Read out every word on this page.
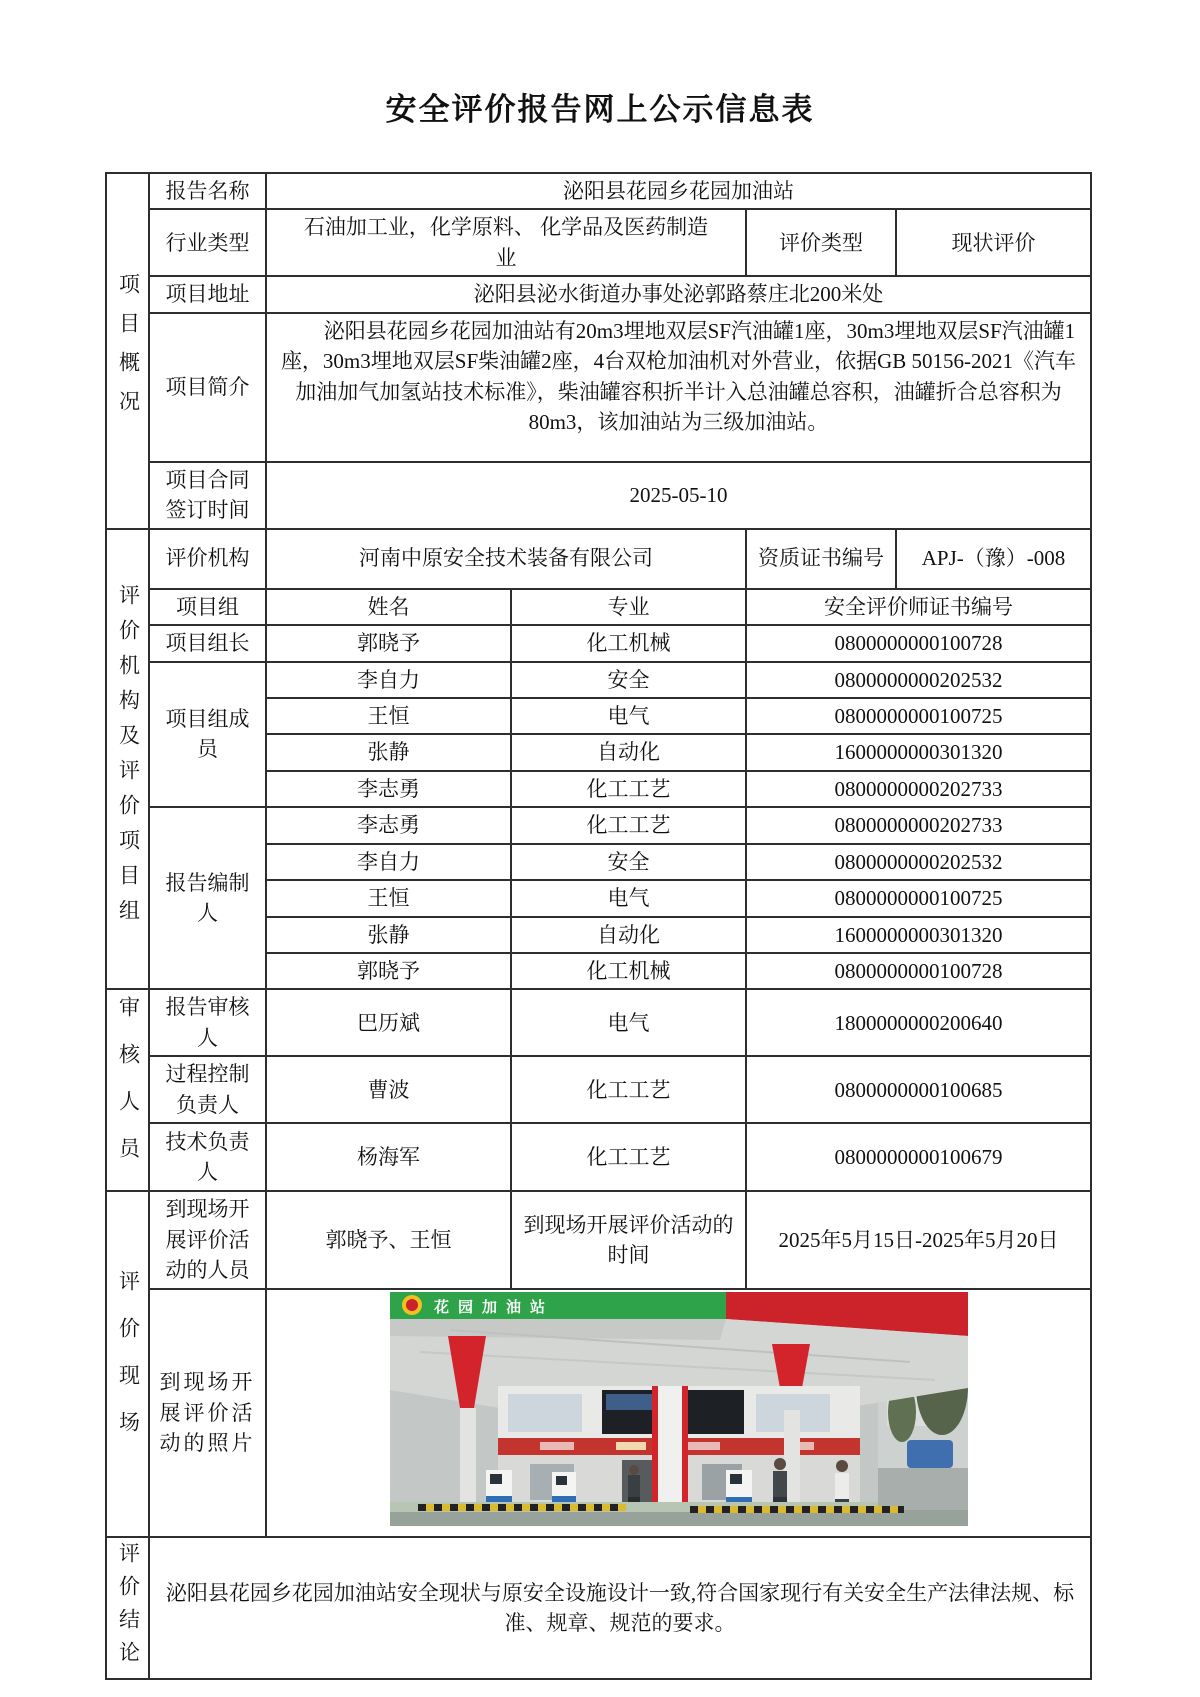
安全评价报告网上公示信息表
项目概况	报告名称	泌阳县花园乡花园加油站			
	行业类型	石油加工业，化学原料、 化学品及医药制造业		评价类型	现状评价
	项目地址	泌阳县泌水街道办事处泌郭路蔡庄北200米处			
	项目简介	泌阳县花园乡花园加油站有20m3埋地双层SF汽油罐1座，30m3埋地双层SF汽油罐1座，30m3埋地双层SF柴油罐2座，4台双枪加油机对外营业，依据GB 50156-2021《汽车加油加气加氢站技术标准》，柴油罐容积折半计入总油罐总容积，油罐折合总容积为80m3，该加油站为三级加油站。			

	项目合同签订时间	2025-05-10			

评价机构及评价项目组	评价机构	河南中原安全技术装备有限公司		资质证书编号	APJ-（豫）-008
	项目组	姓名	专业	安全评价师证书编号	
	项目组长	郭晓予	化工机械	0800000000100728	
	项目组成员	李自力	安全	0800000000202532	
		王恒	电气	0800000000100725	
		张静	自动化	1600000000301320	
		李志勇	化工工艺	0800000000202733	
	报告编制人	李志勇	化工工艺	0800000000202733	
		李自力	安全	0800000000202532	
		王恒	电气	0800000000100725	
		张静	自动化	1600000000301320	
		郭晓予	化工机械	0800000000100728	

审核人员	报告审核人	巴历斌	电气	1800000000200640	
	过程控制负责人	曹波	化工工艺	0800000000100685	
	技术负责人	杨海军	化工工艺	0800000000100679	

评价现场	到现场开展评价活动的人员	郭晓予、王恒	到现场开展评价活动的时间	2025年5月15日-2025年5月20日	
	到现场开展评价活动的照片	花园加油站			

评价结论	泌阳县花园乡花园加油站安全现状与原安全设施设计一致,符合国家现行有关安全生产法律法规、标准、规章、规范的要求。				
